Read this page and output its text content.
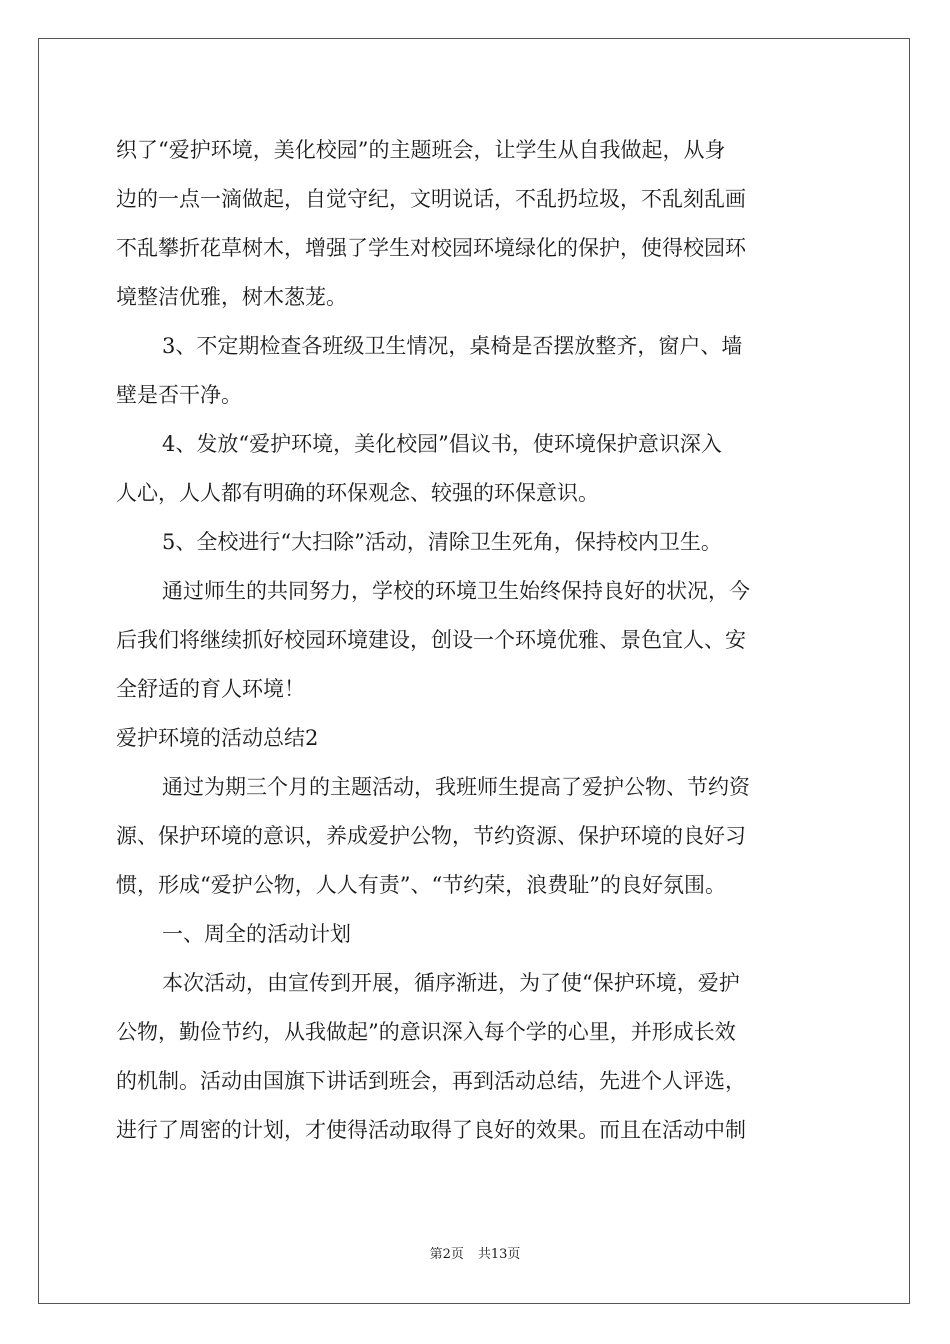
织了“爱护环境，美化校园”的主题班会，让学生从自我做起，从身
边的一点一滴做起，自觉守纪，文明说话，不乱扔垃圾，不乱刻乱画
不乱攀折花草树木，增强了学生对校园环境绿化的保护，使得校园环
境整洁优雅，树木葱茏。
3、不定期检查各班级卫生情况，桌椅是否摆放整齐，窗户、墙
壁是否干净。
4、发放“爱护环境，美化校园”倡议书，使环境保护意识深入
人心，人人都有明确的环保观念、较强的环保意识。
5、全校进行“大扫除”活动，清除卫生死角，保持校内卫生。
通过师生的共同努力，学校的环境卫生始终保持良好的状况，今
后我们将继续抓好校园环境建设，创设一个环境优雅、景色宜人、安
全舒适的育人环境！
爱护环境的活动总结2
通过为期三个月的主题活动，我班师生提高了爱护公物、节约资
源、保护环境的意识，养成爱护公物，节约资源、保护环境的良好习
惯，形成“爱护公物，人人有责”、“节约荣，浪费耻”的良好氛围。
一、周全的活动计划
本次活动，由宣传到开展，循序渐进，为了使“保护环境，爱护
公物，勤俭节约，从我做起”的意识深入每个学的心里，并形成长效
的机制。活动由国旗下讲话到班会，再到活动总结，先进个人评选，
进行了周密的计划，才使得活动取得了良好的效果。而且在活动中制
第2页 共13页
